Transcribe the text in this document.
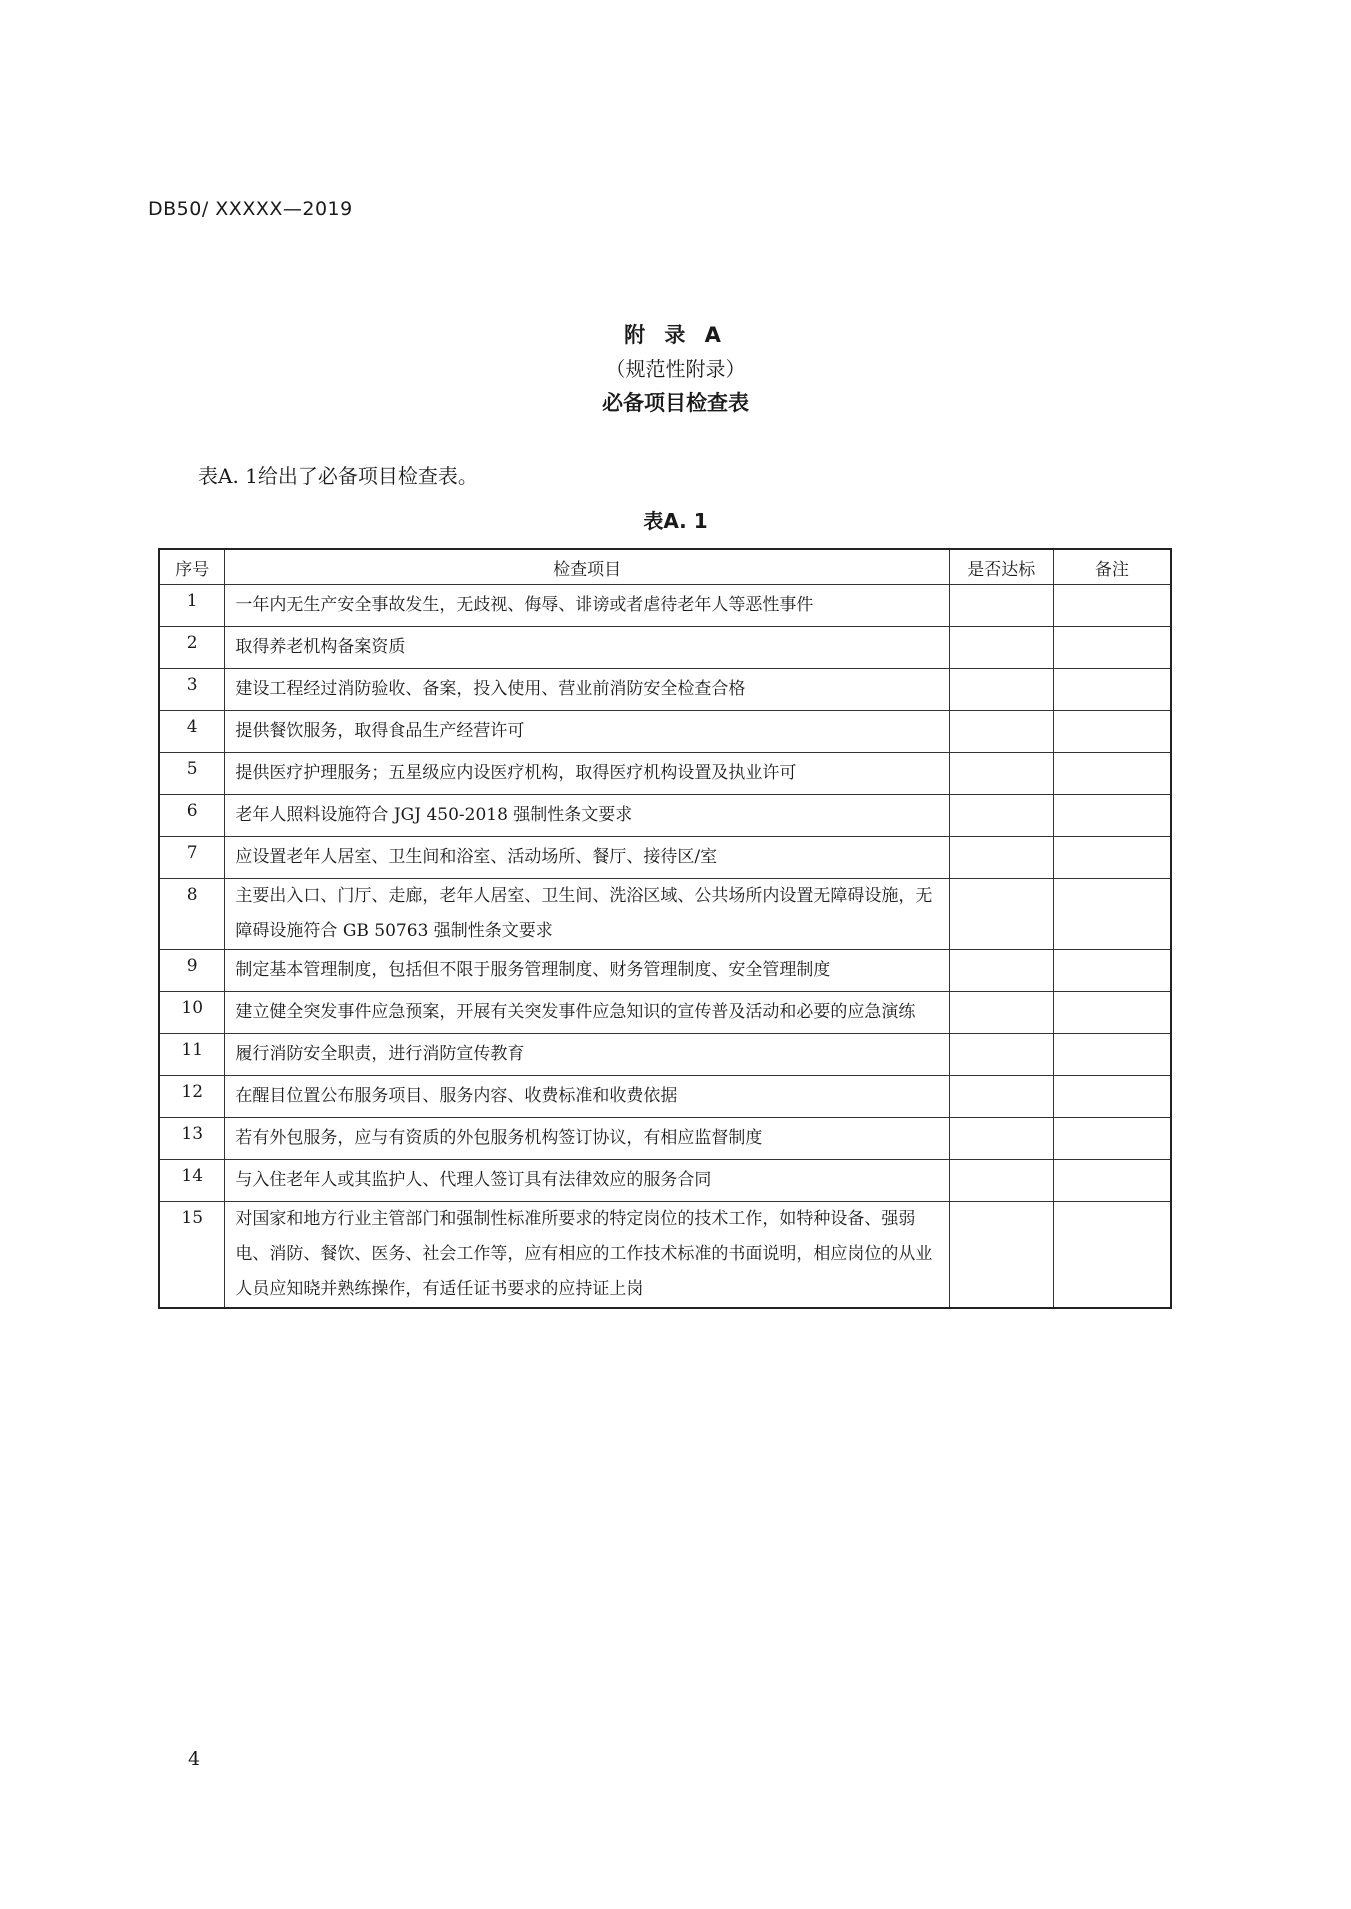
DB50/ XXXXX—2019
附 录 A
（规范性附录）
必备项目检查表
表A. 1给出了必备项目检查表。
表A. 1
序号	检查项目	是否达标	备注
1	一年内无生产安全事故发生，无歧视、侮辱、诽谤或者虐待老年人等恶性事件		
2	取得养老机构备案资质		
3	建设工程经过消防验收、备案，投入使用、营业前消防安全检查合格		
4	提供餐饮服务，取得食品生产经营许可		
5	提供医疗护理服务；五星级应内设医疗机构，取得医疗机构设置及执业许可		
6	老年人照料设施符合 JGJ 450-2018 强制性条文要求		
7	应设置老年人居室、卫生间和浴室、活动场所、餐厅、接待区/室		
8	主要出入口、门厅、走廊，老年人居室、卫生间、洗浴区域、公共场所内设置无障碍设施，无障碍设施符合 GB 50763 强制性条文要求		
9	制定基本管理制度，包括但不限于服务管理制度、财务管理制度、安全管理制度		
10	建立健全突发事件应急预案，开展有关突发事件应急知识的宣传普及活动和必要的应急演练		
11	履行消防安全职责，进行消防宣传教育		
12	在醒目位置公布服务项目、服务内容、收费标准和收费依据		
13	若有外包服务，应与有资质的外包服务机构签订协议，有相应监督制度		
14	与入住老年人或其监护人、代理人签订具有法律效应的服务合同		
15	对国家和地方行业主管部门和强制性标准所要求的特定岗位的技术工作，如特种设备、强弱电、消防、餐饮、医务、社会工作等，应有相应的工作技术标准的书面说明，相应岗位的从业人员应知晓并熟练操作，有适任证书要求的应持证上岗		
4
